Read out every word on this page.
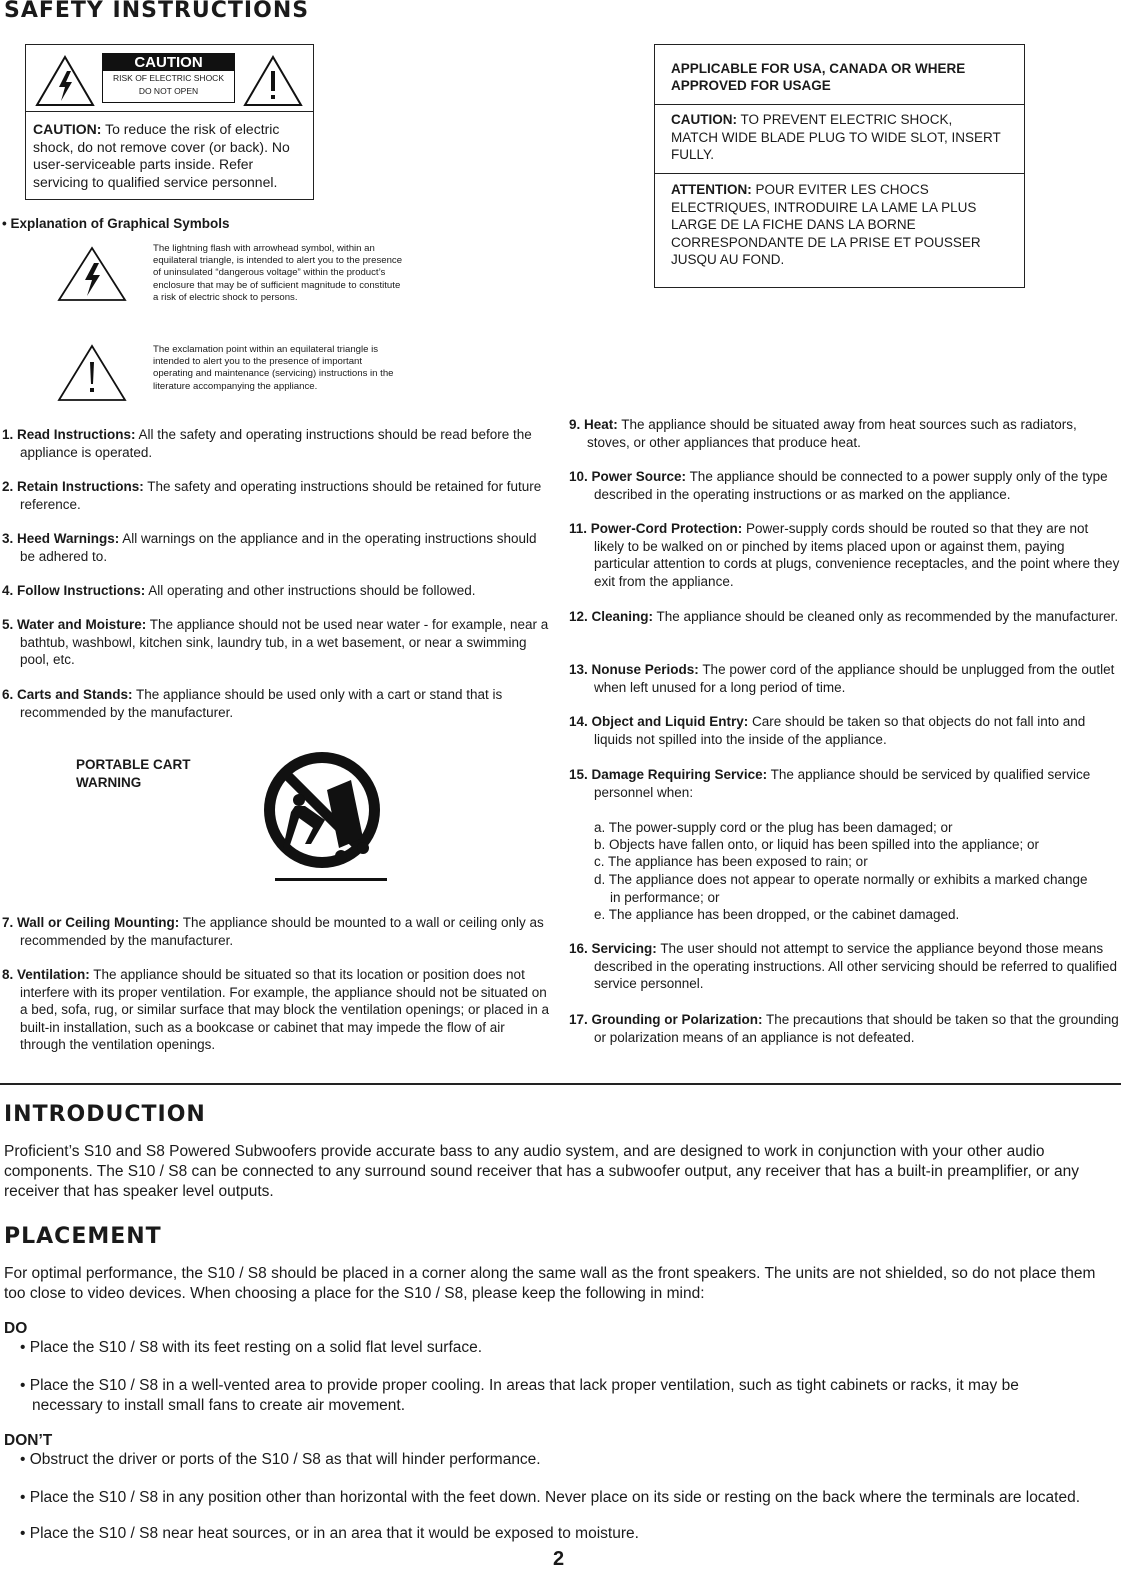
SAFETY INSTRUCTIONS
CAUTION
RISK OF ELECTRIC SHOCK
DO NOT OPEN
CAUTION: To reduce the risk of electric shock, do not remove cover (or back). No user-serviceable parts inside. Refer servicing to qualified service personnel.
APPLICABLE FOR USA, CANADA OR WHERE
APPROVED FOR USAGE
CAUTION: TO PREVENT ELECTRIC SHOCK, MATCH WIDE BLADE PLUG TO WIDE SLOT, INSERT FULLY.
ATTENTION: POUR EVITER LES CHOCS ELECTRIQUES, INTRODUIRE LA LAME LA PLUS LARGE DE LA FICHE DANS LA BORNE CORRESPONDANTE DE LA PRISE ET POUSSER JUSQU AU FOND.
• Explanation of Graphical Symbols
The lightning flash with arrowhead symbol, within an equilateral triangle, is intended to alert you to the presence of uninsulated “dangerous voltage” within the product’s enclosure that may be of sufficient magnitude to constitute a risk of electric shock to persons.
The exclamation point within an equilateral triangle is intended to alert you to the presence of important operating and maintenance (servicing) instructions in the literature accompanying the appliance.
1. Read Instructions: All the safety and operating instructions should be read before the appliance is operated.
2. Retain Instructions: The safety and operating instructions should be retained for future reference.
3. Heed Warnings: All warnings on the appliance and in the operating instructions should be adhered to.
4. Follow Instructions: All operating and other instructions should be followed.
5. Water and Moisture: The appliance should not be used near water - for example, near a bathtub, washbowl, kitchen sink, laundry tub, in a wet basement, or near a swimming pool, etc.
6. Carts and Stands: The appliance should be used only with a cart or stand that is recommended by the manufacturer.
PORTABLE CART
WARNING
7. Wall or Ceiling Mounting: The appliance should be mounted to a wall or ceiling only as recommended by the manufacturer.
8. Ventilation: The appliance should be situated so that its location or position does not interfere with its proper ventilation. For example, the appliance should not be situated on a bed, sofa, rug, or similar surface that may block the ventilation openings; or placed in a built-in installation, such as a bookcase or cabinet that may impede the flow of air through the ventilation openings.
9. Heat: The appliance should be situated away from heat sources such as radiators, stoves, or other appliances that produce heat.
10. Power Source: The appliance should be connected to a power supply only of the type described in the operating instructions or as marked on the appliance.
11. Power-Cord Protection: Power-supply cords should be routed so that they are not likely to be walked on or pinched by items placed upon or against them, paying particular attention to cords at plugs, convenience receptacles, and the point where they exit from the appliance.
12. Cleaning: The appliance should be cleaned only as recommended by the manufacturer.
13. Nonuse Periods: The power cord of the appliance should be unplugged from the outlet when left unused for a long period of time.
14. Object and Liquid Entry: Care should be taken so that objects do not fall into and liquids not spilled into the inside of the appliance.
15. Damage Requiring Service: The appliance should be serviced by qualified service personnel when:
a. The power-supply cord or the plug has been damaged; or
b. Objects have fallen onto, or liquid has been spilled into the appliance; or
c. The appliance has been exposed to rain; or
d. The appliance does not appear to operate normally or exhibits a marked change in performance; or
e. The appliance has been dropped, or the cabinet damaged.
16. Servicing: The user should not attempt to service the appliance beyond those means described in the operating instructions. All other servicing should be referred to qualified service personnel.
17. Grounding or Polarization: The precautions that should be taken so that the grounding or polarization means of an appliance is not defeated.
INTRODUCTION
Proficient’s S10 and S8 Powered Subwoofers provide accurate bass to any audio system, and are designed to work in conjunction with your other audio components. The S10 / S8 can be connected to any surround sound receiver that has a subwoofer output, any receiver that has a built-in preamplifier, or any receiver that has speaker level outputs.
PLACEMENT
For optimal performance, the S10 / S8 should be placed in a corner along the same wall as the front speakers. The units are not shielded, so do not place them too close to video devices. When choosing a place for the S10 / S8, please keep the following in mind:
DO
• Place the S10 / S8 with its feet resting on a solid flat level surface.
• Place the S10 / S8 in a well-vented area to provide proper cooling. In areas that lack proper ventilation, such as tight cabinets or racks, it may be necessary to install small fans to create air movement.
DON’T
• Obstruct the driver or ports of the S10 / S8 as that will hinder performance.
• Place the S10 / S8 in any position other than horizontal with the feet down. Never place on its side or resting on the back where the terminals are located.
• Place the S10 / S8 near heat sources, or in an area that it would be exposed to moisture.
2
